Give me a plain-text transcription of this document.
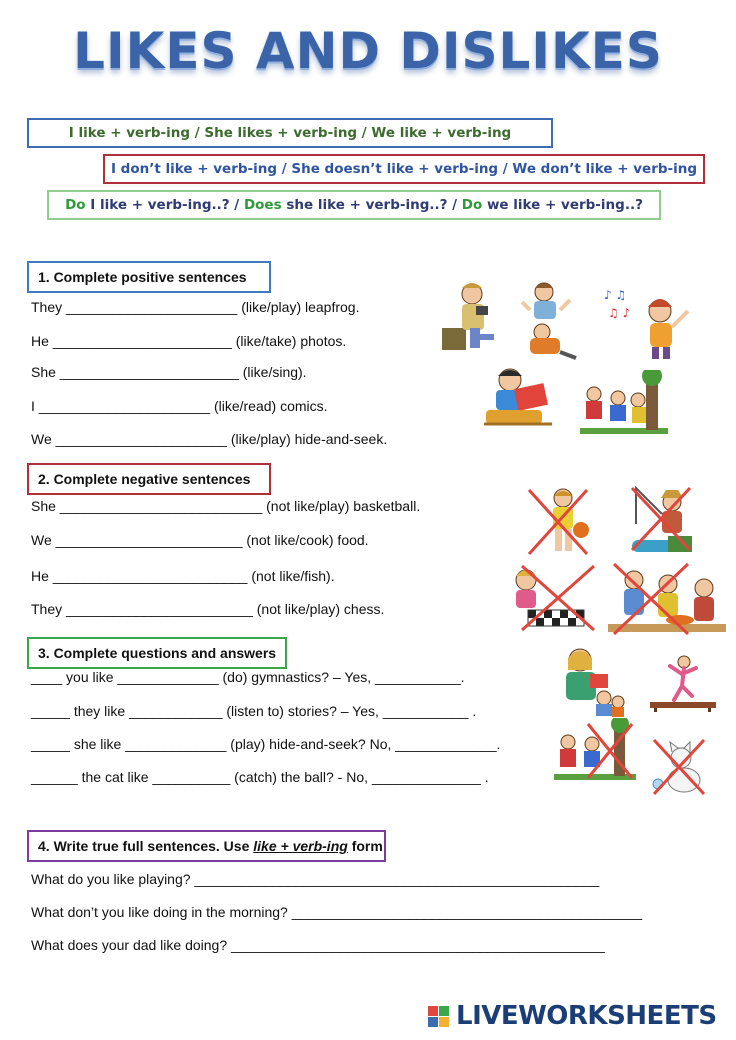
LIKES AND DISLIKES
I like + verb-ing / She likes + verb-ing / We like + verb-ing
I don’t like + verb-ing / She doesn’t like + verb-ing / We don’t like + verb-ing
Do I like + verb-ing..? / Does she like + verb-ing..? / Do we like + verb-ing..?
1. Complete positive sentences
They ______________________ (like/play) leapfrog.
He _______________________ (like/take) photos.
She _______________________ (like/sing).
I ______________________ (like/read) comics.
We ______________________ (like/play) hide-and-seek.
2. Complete negative sentences
She __________________________ (not like/play) basketball.
We ________________________ (not like/cook) food.
He _________________________ (not like/fish).
They ________________________ (not like/play) chess.
3. Complete questions and answers
____ you like _____________ (do) gymnastics? – Yes, ___________.
_____ they like ____________ (listen to) stories? – Yes, ___________ .
_____ she like _____________ (play) hide-and-seek? No, _____________.
______ the cat like __________ (catch) the ball? - No, ______________ .
4. Write true full sentences. Use like + verb-ing form
What do you like playing? ____________________________________________________
What don’t you like doing in the morning? _____________________________________________
What does your dad like doing? ________________________________________________
♪ ♫
♫ ♪
LIVEWORKSHEETS
